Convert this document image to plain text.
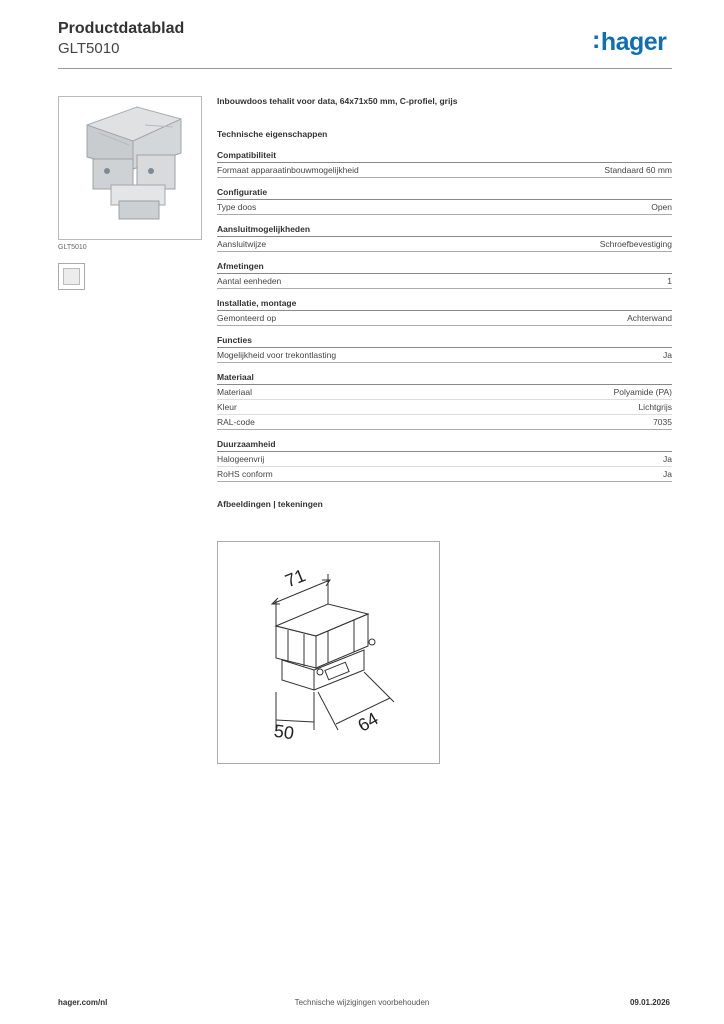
Productdatablad
GLT5010	:hager
GLT5010
Inbouwdoos tehalit voor data, 64x71x50 mm, C-profiel, grijs
Technische eigenschappen
Compatibiliteit
Formaat apparaatinbouwmogelijkheid	Standaard 60 mm
Configuratie
Type doos	Open
Aansluitmogelijkheden
Aansluitwijze	Schroefbevestiging
Afmetingen
Aantal eenheden	1
Installatie, montage
Gemonteerd op	Achterwand
Functies
Mogelijkheid voor trekontlasting	Ja
Materiaal
Materiaal	Polyamide (PA)
Kleur	Lichtgrijs
RAL-code	7035
Duurzaamheid
Halogeenvrij	Ja
RoHS conform	Ja
Afbeeldingen | tekeningen
71
50	64
hager.com/nl	Technische wijzigingen voorbehouden	09.01.2026
